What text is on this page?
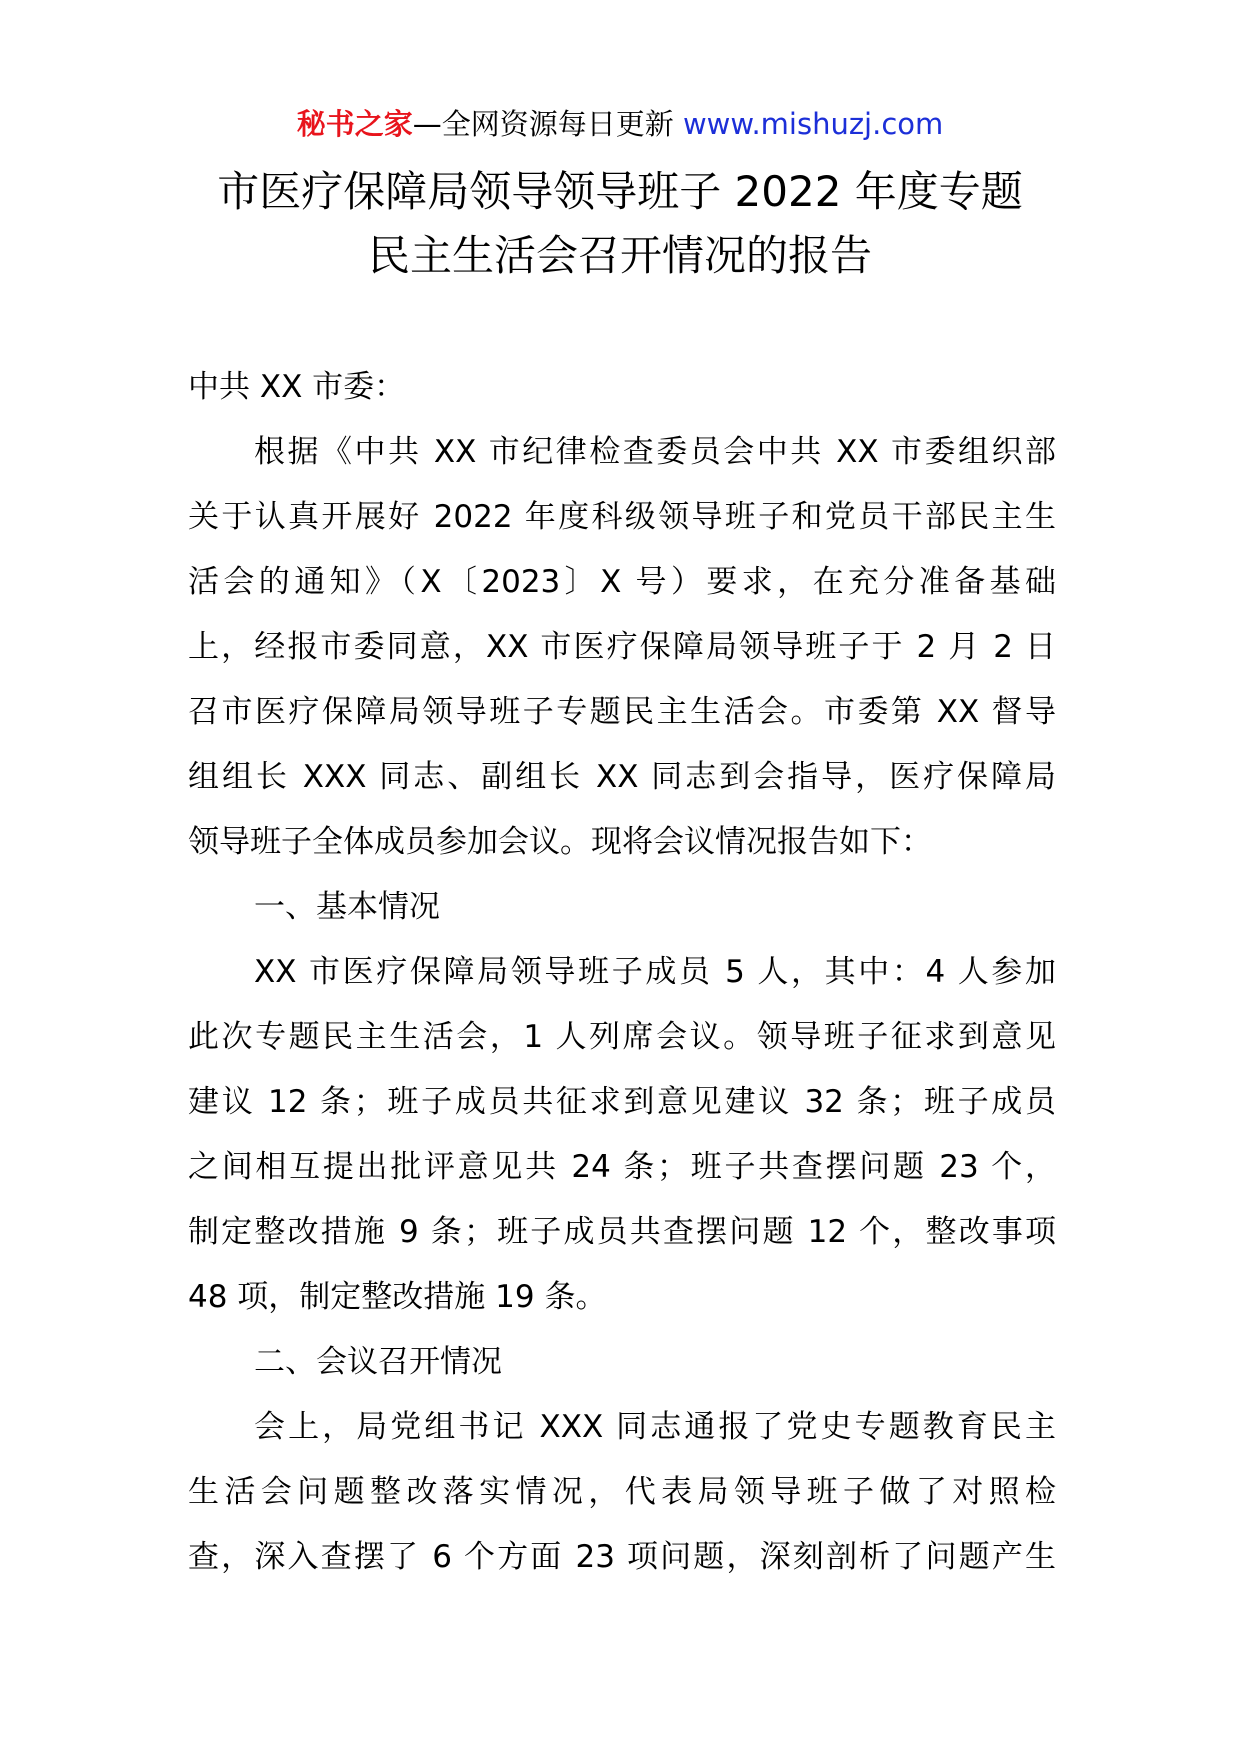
秘书之家—全网资源每日更新 www.mishuzj.com
市医疗保障局领导领导班子 2022 年度专题
民主生活会召开情况的报告
中共 XX 市委：
根据《中共 XX 市纪律检查委员会中共 XX 市委组织部
关于认真开展好 2022 年度科级领导班子和党员干部民主生
活会的通知》（X〔2023〕X 号）要求，在充分准备基础
上，经报市委同意，XX 市医疗保障局领导班子于 2 月 2 日
召市医疗保障局领导班子专题民主生活会。市委第 XX 督导
组组长 XXX 同志、副组长 XX 同志到会指导，医疗保障局
领导班子全体成员参加会议。现将会议情况报告如下：
一、基本情况
XX 市医疗保障局领导班子成员 5 人，其中：4 人参加
此次专题民主生活会，1 人列席会议。领导班子征求到意见
建议 12 条；班子成员共征求到意见建议 32 条；班子成员
之间相互提出批评意见共 24 条；班子共查摆问题 23 个，
制定整改措施 9 条；班子成员共查摆问题 12 个，整改事项
48 项，制定整改措施 19 条。
二、会议召开情况
会上，局党组书记 XXX 同志通报了党史专题教育民主
生活会问题整改落实情况，代表局领导班子做了对照检
查，深入查摆了 6 个方面 23 项问题，深刻剖析了问题产生
